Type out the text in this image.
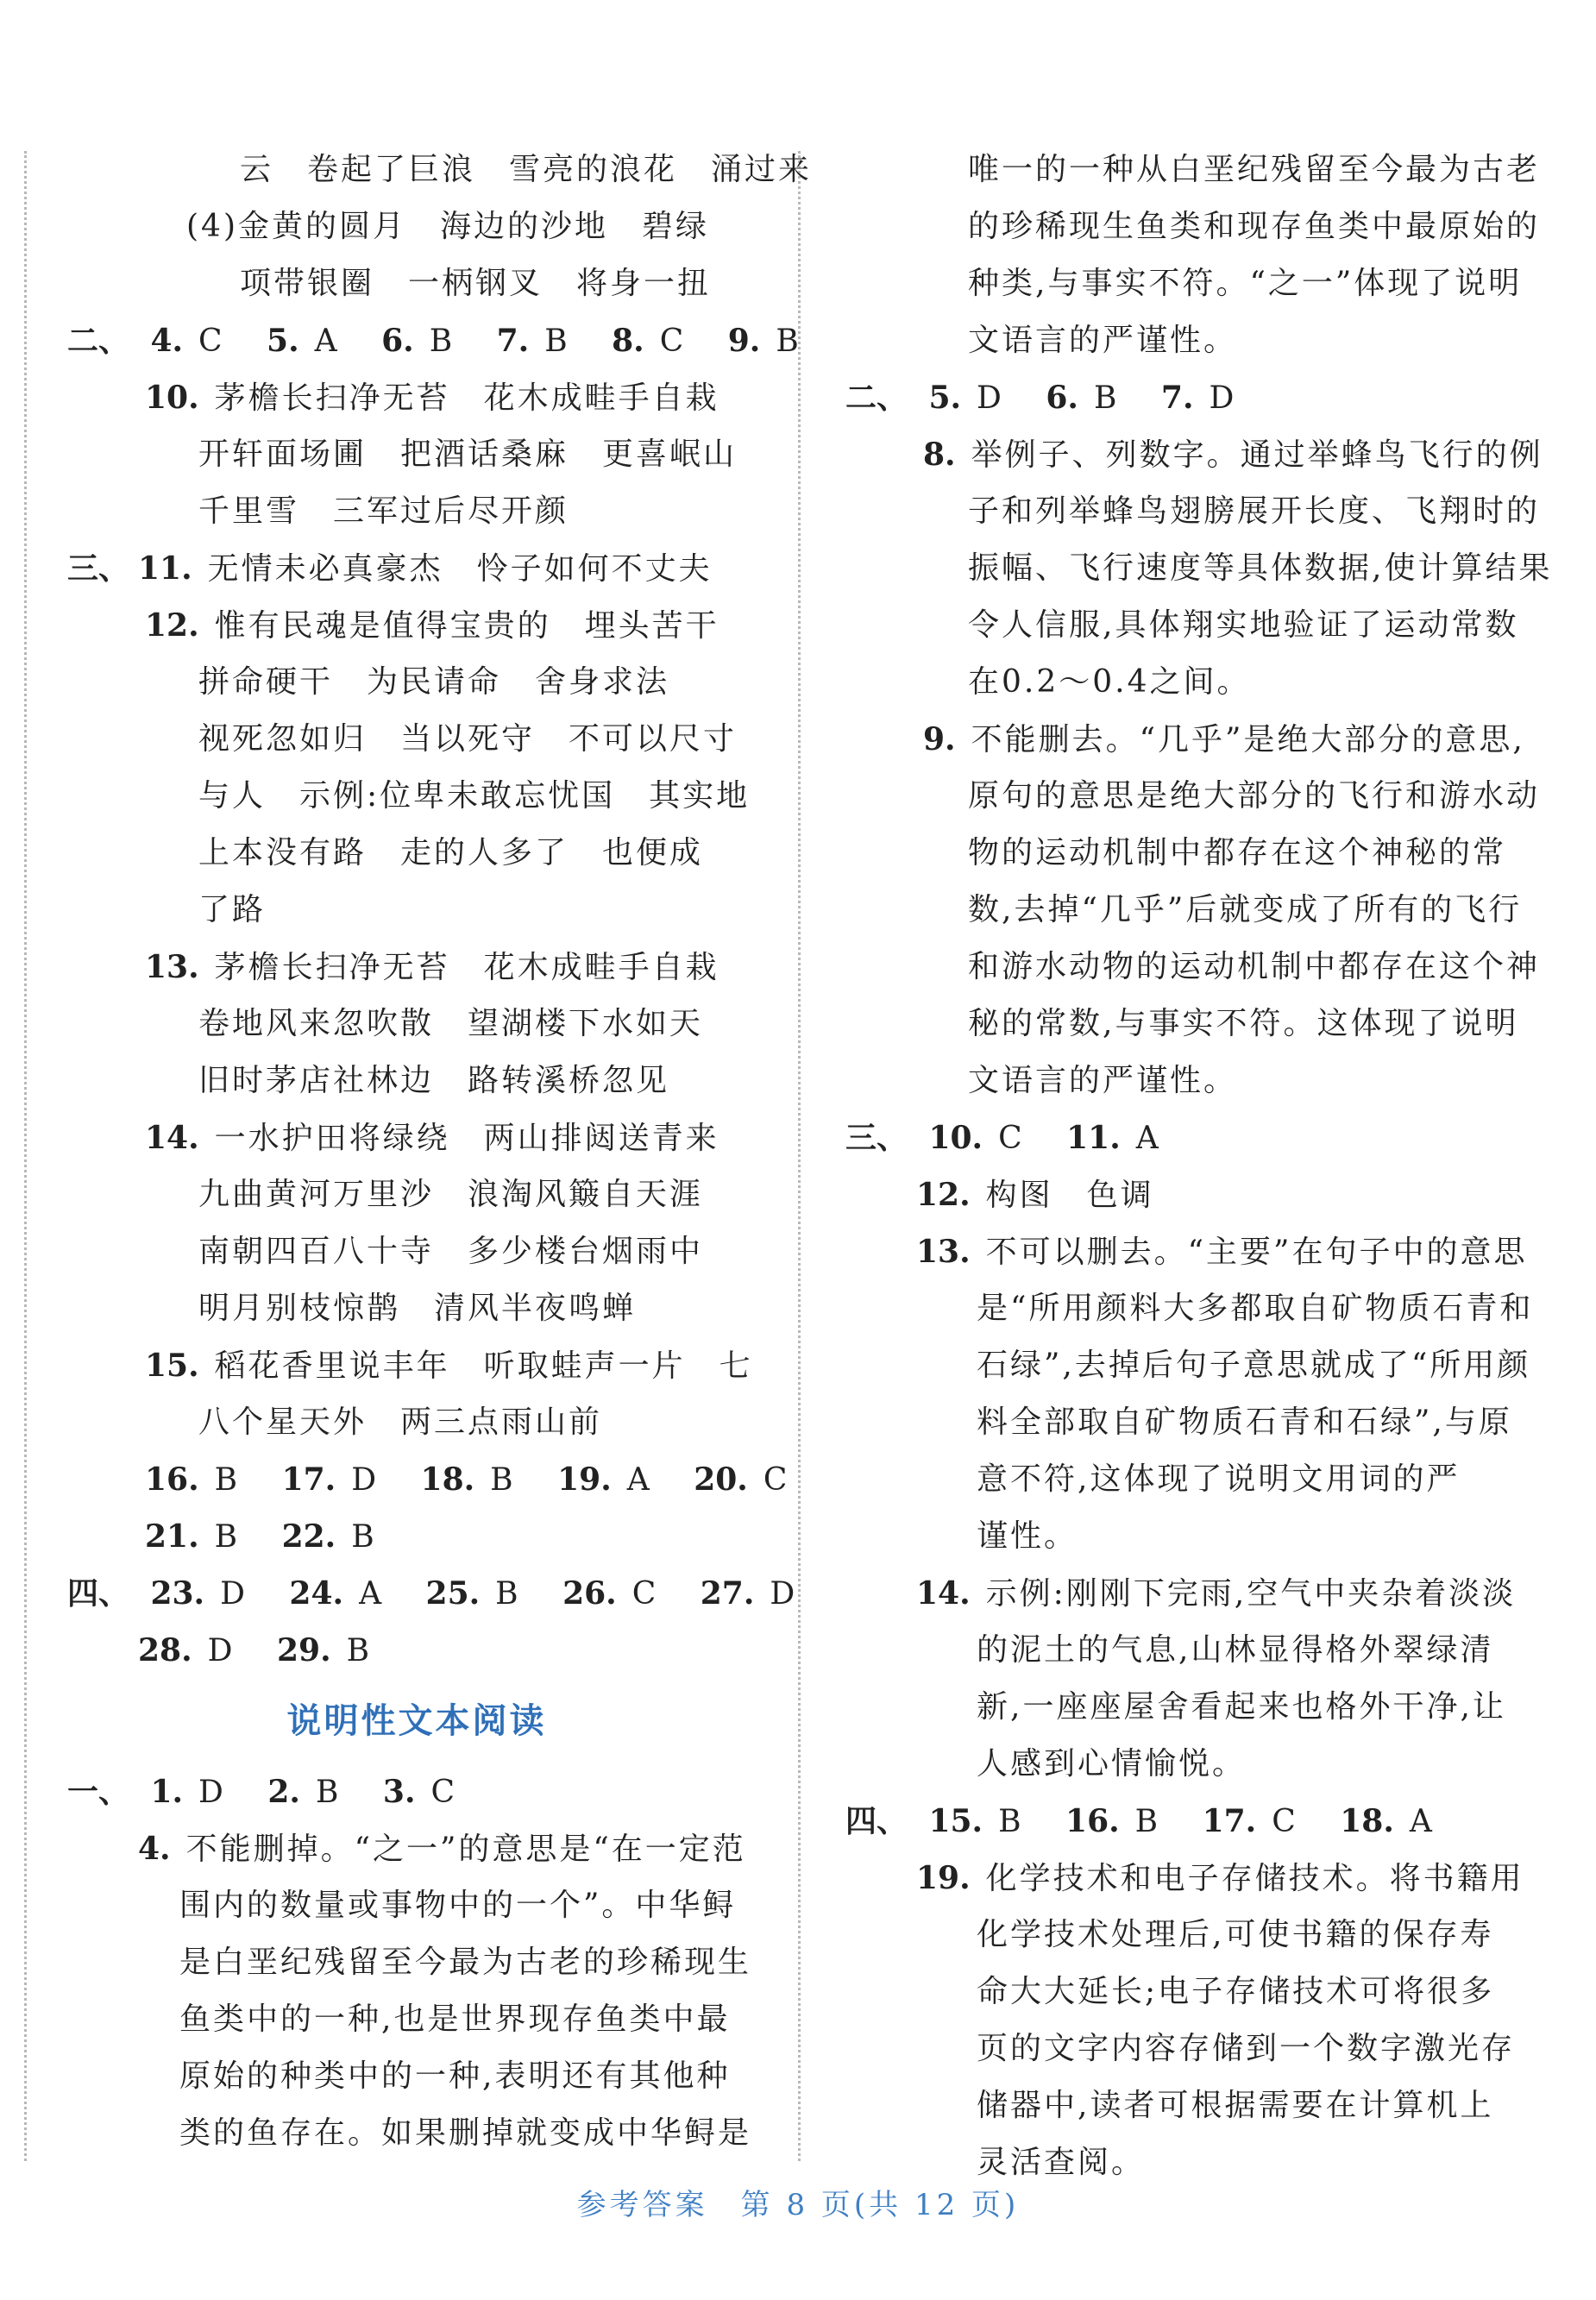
云　卷起了巨浪　雪亮的浪花　涌过来
(4)金黄的圆月　海边的沙地　碧绿
项带银圈　一柄钢叉　将身一扭
二、 4. C 5. A 6. B 7. B 8. C 9. B
10. 茅檐长扫净无苔　花木成畦手自栽
开轩面场圃　把酒话桑麻　更喜岷山
千里雪　三军过后尽开颜
三、 11. 无情未必真豪杰　怜子如何不丈夫
12. 惟有民魂是值得宝贵的　埋头苦干
拼命硬干　为民请命　舍身求法
视死忽如归　当以死守　不可以尺寸
与人　示例:位卑未敢忘忧国　其实地
上本没有路　走的人多了　也便成
了路
13. 茅檐长扫净无苔　花木成畦手自栽
卷地风来忽吹散　望湖楼下水如天
旧时茅店社林边　路转溪桥忽见
14. 一水护田将绿绕　两山排闼送青来
九曲黄河万里沙　浪淘风簸自天涯
南朝四百八十寺　多少楼台烟雨中
明月别枝惊鹊　清风半夜鸣蝉
15. 稻花香里说丰年　听取蛙声一片　七
八个星天外　两三点雨山前
16. B 17. D 18. B 19. A 20. C
21. B 22. B
四、 23. D 24. A 25. B 26. C 27. D
28. D 29. B
说明性文本阅读
一、 1. D 2. B 3. C
4. 不能删掉。“之一”的意思是“在一定范
围内的数量或事物中的一个”。中华鲟
是白垩纪残留至今最为古老的珍稀现生
鱼类中的一种,也是世界现存鱼类中最
原始的种类中的一种,表明还有其他种
类的鱼存在。如果删掉就变成中华鲟是
唯一的一种从白垩纪残留至今最为古老
的珍稀现生鱼类和现存鱼类中最原始的
种类,与事实不符。“之一”体现了说明
文语言的严谨性。
二、 5. D 6. B 7. D
8. 举例子、列数字。通过举蜂鸟飞行的例
子和列举蜂鸟翅膀展开长度、飞翔时的
振幅、飞行速度等具体数据,使计算结果
令人信服,具体翔实地验证了运动常数
在0.2～0.4之间。
9. 不能删去。“几乎”是绝大部分的意思,
原句的意思是绝大部分的飞行和游水动
物的运动机制中都存在这个神秘的常
数,去掉“几乎”后就变成了所有的飞行
和游水动物的运动机制中都存在这个神
秘的常数,与事实不符。这体现了说明
文语言的严谨性。
三、 10. C 11. A
12. 构图　色调
13. 不可以删去。“主要”在句子中的意思
是“所用颜料大多都取自矿物质石青和
石绿”,去掉后句子意思就成了“所用颜
料全部取自矿物质石青和石绿”,与原
意不符,这体现了说明文用词的严
谨性。
14. 示例:刚刚下完雨,空气中夹杂着淡淡
的泥土的气息,山林显得格外翠绿清
新,一座座屋舍看起来也格外干净,让
人感到心情愉悦。
四、 15. B 16. B 17. C 18. A
19. 化学技术和电子存储技术。将书籍用
化学技术处理后,可使书籍的保存寿
命大大延长;电子存储技术可将很多
页的文字内容存储到一个数字激光存
储器中,读者可根据需要在计算机上
灵活查阅。
参考答案　第 8 页(共 12 页)
